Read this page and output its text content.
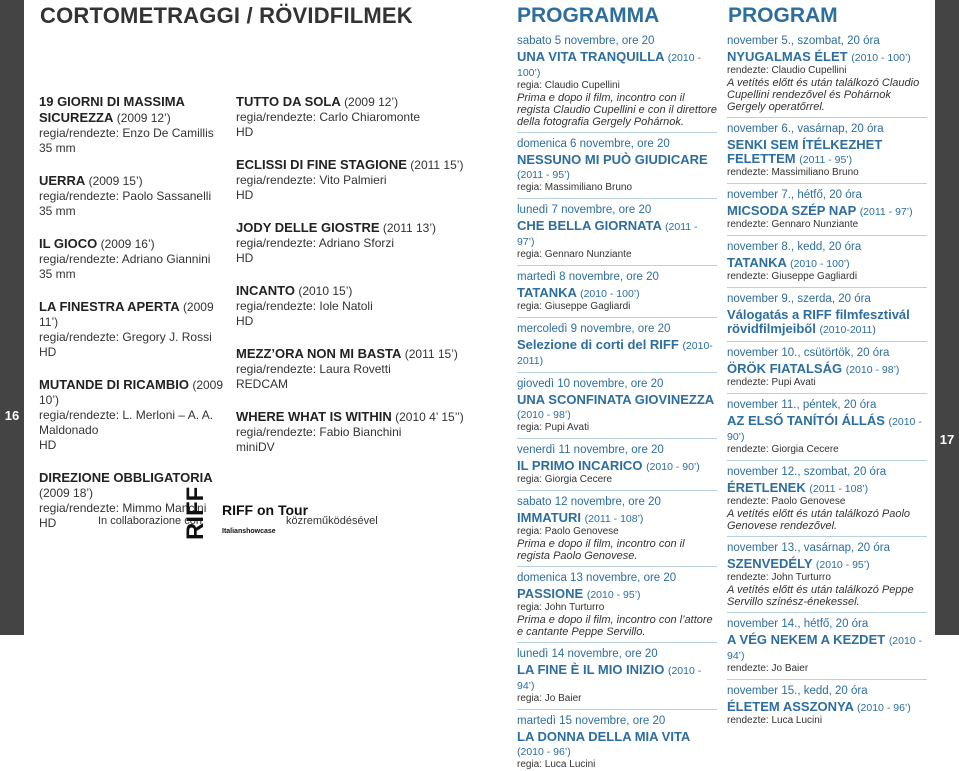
16
17
CORTOMETRAGGI / RÖVIDFILMEK	PROGRAMMA	PROGRAM
19 GIORNI DI MASSIMA SICUREZZA (2009 12’)
regia/rendezte: Enzo De Camillis
35 mm
UERRA (2009 15’)
regia/rendezte: Paolo Sassanelli
35 mm
IL GIOCO (2009 16’)
regia/rendezte: Adriano Giannini
35 mm
LA FINESTRA APERTA (2009 11’)
regia/rendezte: Gregory J. Rossi
HD
MUTANDE DI RICAMBIO (2009 10’)
regia/rendezte: L. Merloni – A. A. Maldonado
HD
DIREZIONE OBBLIGATORIA (2009 18’)
regia/rendezte: Mimmo Mancini
HD
TUTTO DA SOLA (2009 12’)
regia/rendezte: Carlo Chiaromonte
HD
ECLISSI DI FINE STAGIONE (2011 15’)
regia/rendezte: Vito Palmieri
HD
JODY DELLE GIOSTRE (2011 13’)
regia/rendezte: Adriano Sforzi
HD
INCANTO (2010 15’)
regia/rendezte: Iole Natoli
HD
MEZZ’ORA NON MI BASTA (2011 15’)
regia/rendezte: Laura Rovetti
REDCAM
WHERE WHAT IS WITHIN (2010 4’ 15’’)
regia/rendezte: Fabio Bianchini
miniDV
In collaborazione con
RIFF RIFF on Tour
Italianshowcase
közreműködésével
sabato 5 novembre, ore 20
UNA VITA TRANQUILLA (2010 - 100’)
regia: Claudio Cupellini
Prima e dopo il film, incontro con il regista Claudio Cupellini e con il direttore della fotografia Gergely Pohárnok.
domenica 6 novembre, ore 20
NESSUNO MI PUÒ GIUDICARE (2011 - 95’)
regia: Massimiliano Bruno
lunedì 7 novembre, ore 20
CHE BELLA GIORNATA (2011 - 97’)
regia: Gennaro Nunziante
martedì 8 novembre, ore 20
TATANKA (2010 - 100’)
regia: Giuseppe Gagliardi
mercoledì 9 novembre, ore 20
Selezione di corti del RIFF (2010-2011)
giovedì 10 novembre, ore 20
UNA SCONFINATA GIOVINEZZA (2010 - 98’)
regia: Pupi Avati
venerdì 11 novembre, ore 20
IL PRIMO INCARICO (2010 - 90’)
regia: Giorgia Cecere
sabato 12 novembre, ore 20
IMMATURI (2011 - 108’)
regia: Paolo Genovese
Prima e dopo il film, incontro con il regista Paolo Genovese.
domenica 13 novembre, ore 20
PASSIONE (2010 - 95’)
regia: John Turturro
Prima e dopo il film, incontro con l’attore e cantante Peppe Servillo.
lunedì 14 novembre, ore 20
LA FINE È IL MIO INIZIO (2010 - 94’)
regia: Jo Baier
martedì 15 novembre, ore 20
LA DONNA DELLA MIA VITA (2010 - 96’)
regia: Luca Lucini
november 5., szombat, 20 óra
NYUGALMAS ÉLET (2010 - 100’)
rendezte: Claudio Cupellini
A vetítés előtt és után találkozó Claudio Cupellini rendezővel és Pohárnok Gergely operatőrrel.
november 6., vasárnap, 20 óra
SENKI SEM ÍTÉLKEZHET FELETTEM (2011 - 95’)
rendezte: Massimiliano Bruno
november 7., hétfő, 20 óra
MICSODA SZÉP NAP (2011 - 97’)
rendezte: Gennaro Nunziante
november 8., kedd, 20 óra
TATANKA (2010 - 100’)
rendezte: Giuseppe Gagliardi
november 9., szerda, 20 óra
Válogatás a RIFF filmfesztivál rövidfilmjeiből (2010-2011)
november 10., csütörtök, 20 óra
ÖRÖK FIATALSÁG (2010 - 98’)
rendezte: Pupi Avati
november 11., péntek, 20 óra
AZ ELSŐ TANÍTÓI ÁLLÁS (2010 - 90’)
rendezte: Giorgia Cecere
november 12., szombat, 20 óra
ÉRETLENEK (2011 - 108’)
rendezte: Paolo Genovese
A vetítés előtt és után találkozó Paolo Genovese rendezővel.
november 13., vasárnap, 20 óra
SZENVEDÉLY (2010 - 95’)
rendezte: John Turturro
A vetítés előtt és után találkozó Peppe Servillo színész-énekessel.
november 14., hétfő, 20 óra
A VÉG NEKEM A KEZDET (2010 - 94’)
rendezte: Jo Baier
november 15., kedd, 20 óra
ÉLETEM ASSZONYA (2010 - 96’)
rendezte: Luca Lucini
